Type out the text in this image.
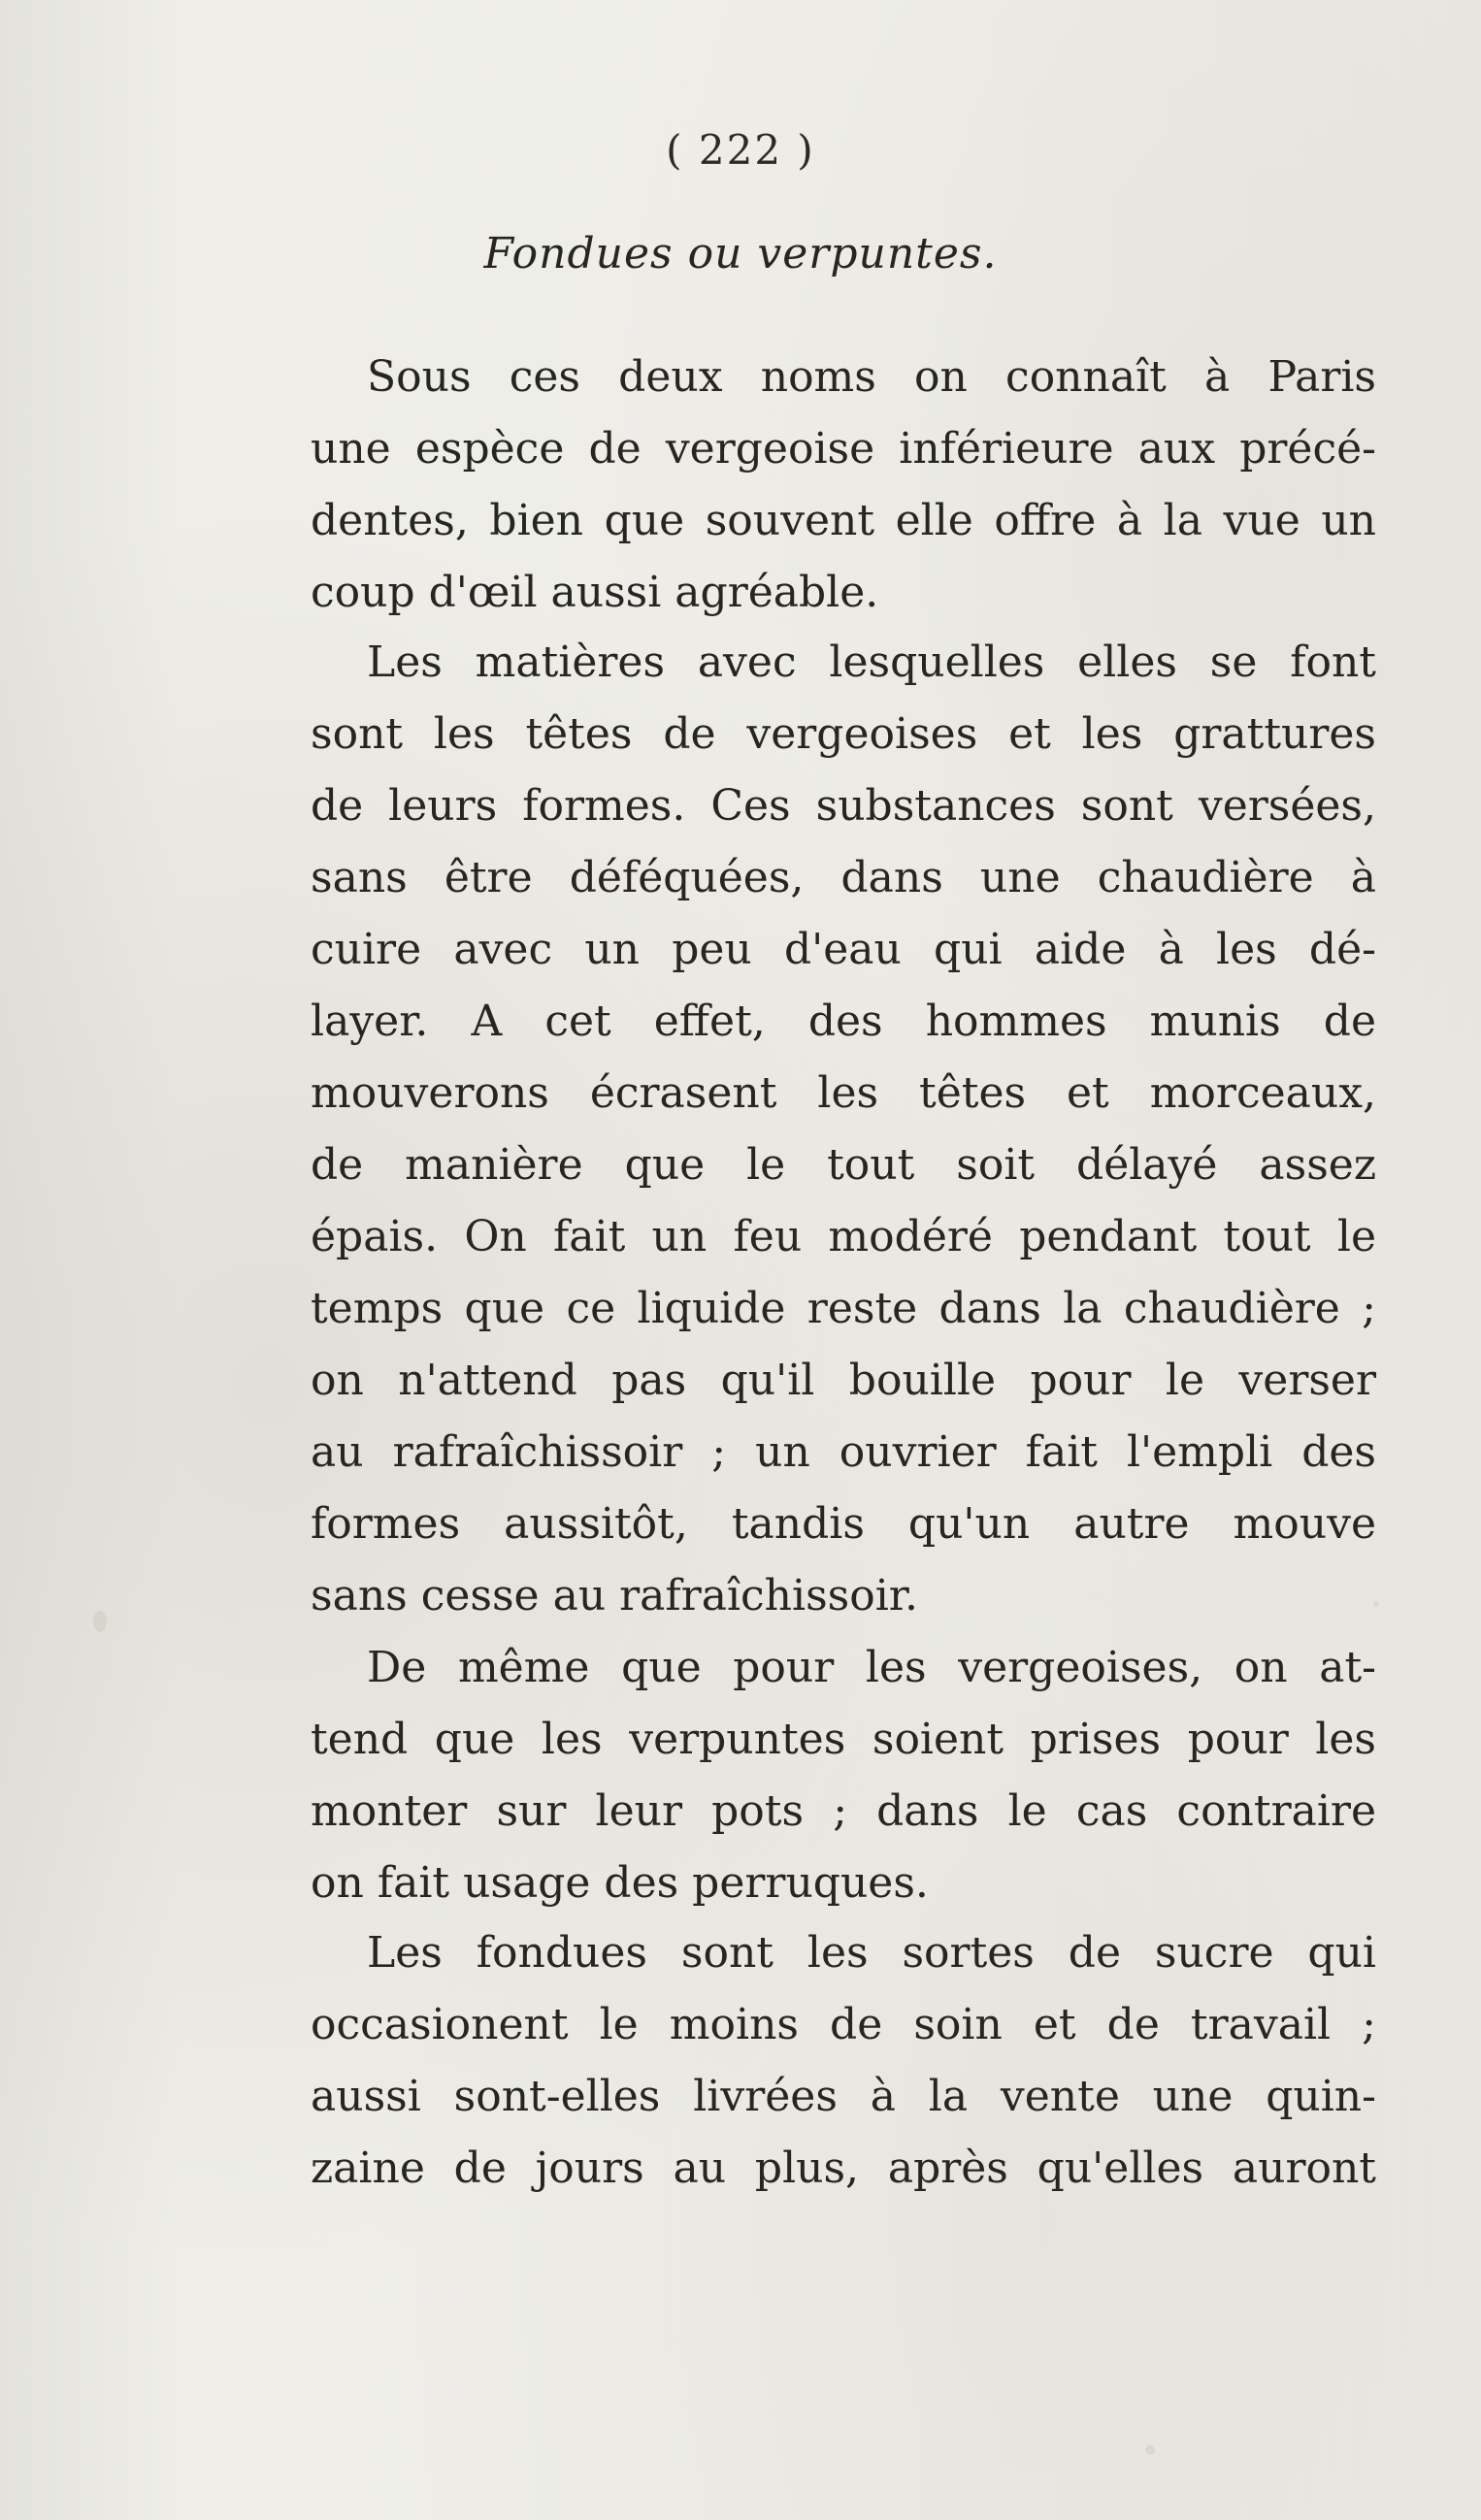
( 222 )
Fondues ou verpuntes.
Sous ces deux noms on connaît à Paris
une espèce de vergeoise inférieure aux précé-
dentes, bien que souvent elle offre à la vue un
coup d'œil aussi agréable.
Les matières avec lesquelles elles se font
sont les têtes de vergeoises et les grattures
de leurs formes. Ces substances sont versées,
sans être déféquées, dans une chaudière à
cuire avec un peu d'eau qui aide à les dé-
layer. A cet effet, des hommes munis de
mouverons écrasent les têtes et morceaux,
de manière que le tout soit délayé assez
épais. On fait un feu modéré pendant tout le
temps que ce liquide reste dans la chaudière ;
on n'attend pas qu'il bouille pour le verser
au rafraîchissoir ; un ouvrier fait l'empli des
formes aussitôt, tandis qu'un autre mouve
sans cesse au rafraîchissoir.
De même que pour les vergeoises, on at-
tend que les verpuntes soient prises pour les
monter sur leur pots ; dans le cas contraire
on fait usage des perruques.
Les fondues sont les sortes de sucre qui
occasionent le moins de soin et de travail ;
aussi sont-elles livrées à la vente une quin-
zaine de jours au plus, après qu'elles auront
